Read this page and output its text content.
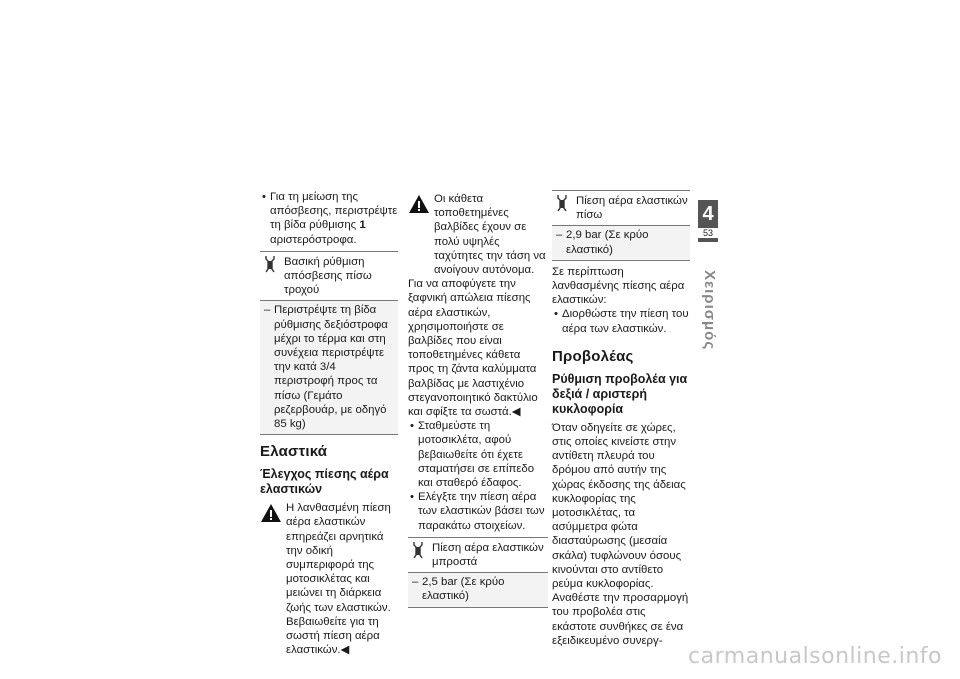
• Για τη μείωση της απόσβεσης, περιστρέψτε τη βίδα ρύθμισης 1 αριστερόστροφα.

Βασική ρύθμιση απόσβεσης πίσω τροχού

– Περιστρέψτε τη βίδα ρύθμισης δεξιόστροφα μέχρι το τέρμα και στη συνέχεια περιστρέψτε την κατά 3/4 περιστροφή προς τα πίσω (Γεμάτο ρεζερβουάρ, με οδηγό 85 kg)

Ελαστικά
Έλεγχος πίεσης αέρα ελαστικών
Η λανθασμένη πίεση αέρα ελαστικών επηρεάζει αρνητικά την οδική συμπεριφορά της μοτοσικλέτας και μειώνει τη διάρκεια ζωής των ελαστικών. Βεβαιωθείτε για τη σωστή πίεση αέρα ελαστικών.◀
Οι κάθετα τοποθετημένες βαλβίδες έχουν σε πολύ υψηλές ταχύτητες την τάση να ανοίγουν αυτόνομα.

Για να αποφύγετε την ξαφνική απώλεια πίεσης αέρα ελαστικών, χρησιμοποιήστε σε βαλβίδες που είναι τοποθετημένες κάθετα προς τη ζάντα καλύμματα βαλβίδας με λαστιχένιο στεγανοποιητικό δακτύλιο και σφίξτε τα σωστά.◀

• Σταθμεύστε τη μοτοσικλέτα, αφού βεβαιωθείτε ότι έχετε σταματήσει σε επίπεδο και σταθερό έδαφος.

• Ελέγξτε την πίεση αέρα των ελαστικών βάσει των παρακάτω στοιχείων.

Πίεση αέρα ελαστικών μπροστά

– 2,5 bar (Σε κρύο ελαστικό)

Πίεση αέρα ελαστικών πίσω

– 2,9 bar (Σε κρύο ελαστικό)

Σε περίπτωση λανθασμένης πίεσης αέρα ελαστικών:

• Διορθώστε την πίεση του αέρα των ελαστικών.

Προβολέας
Ρύθμιση προβολέα για δεξιά / αριστερή κυκλοφορία

Όταν οδηγείτε σε χώρες, στις οποίες κινείστε στην αντίθετη πλευρά του δρόμου από αυτήν της χώρας έκδοσης της άδειας κυκλοφορίας της μοτοσικλέτας, τα ασύμμετρα φώτα διασταύρωσης (μεσαία σκάλα) τυφλώνουν όσους κινούνται στο αντίθετο ρεύμα κυκλοφορίας.

Αναθέστε την προσαρμογή του προβολέα στις εκάστοτε συνθήκες σε ένα εξειδικευμένο συνεργ-

4
53
Χειρισμός
carmanualsonline.info
